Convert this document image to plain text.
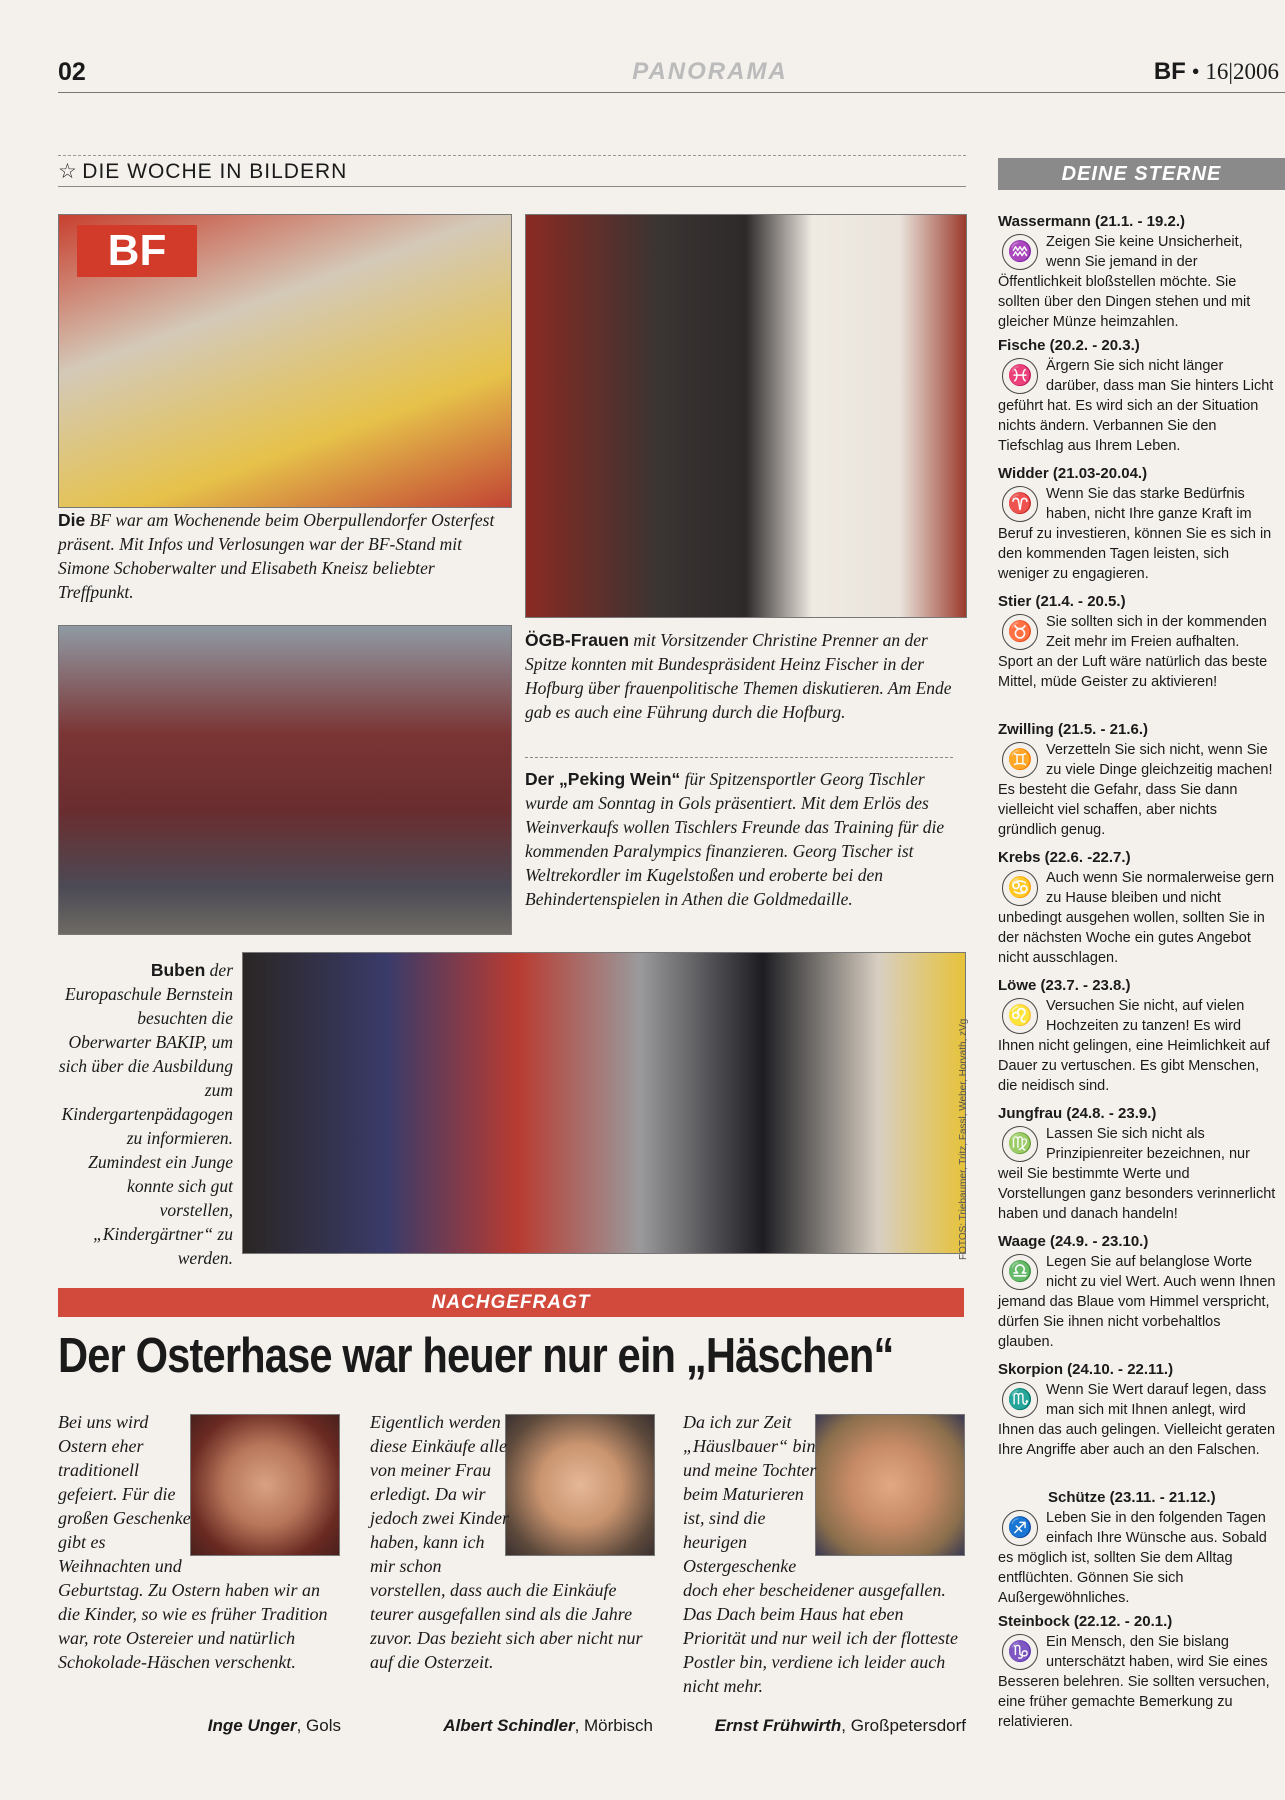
02	PANORAMA	BF • 16|2006
☆ DIE WOCHE IN BILDERN
BF
Die BF war am Wochenende beim Oberpullendorfer Osterfest präsent. Mit Infos und Verlosungen war der BF-Stand mit Simone Schoberwalter und Elisabeth Kneisz beliebter Treffpunkt.
ÖGB-Frauen mit Vorsitzender Christine Prenner an der Spitze konnten mit Bundespräsident Heinz Fischer in der Hofburg über frauenpolitische Themen diskutieren. Am Ende gab es auch eine Führung durch die Hofburg.
Der „Peking Wein“ für Spitzensportler Georg Tischler wurde am Sonntag in Gols präsentiert. Mit dem Erlös des Weinverkaufs wollen Tischlers Freunde das Training für die kommenden Paralympics finanzieren. Georg Tischer ist Weltrekordler im Kugelstoßen und eroberte bei den Behindertenspielen in Athen die Goldmedaille.
Buben der Europaschule Bernstein besuchten die Oberwarter BAKIP, um sich über die Ausbildung zum Kindergartenpädagogen zu informieren. Zumindest ein Junge konnte sich gut vorstellen, „Kindergärtner“ zu werden.	FOTOS: Triebaumer, Tritz, Fassl, Weber, Horvath, zVg
NACHGEFRAGT
Der Osterhase war heuer nur ein „Häschen“
Bei uns wird Ostern eher traditionell gefeiert. Für die großen Geschenke gibt es Weihnachten und Geburtstag. Zu Ostern haben wir an die Kinder, so wie es früher Tradition war, rote Ostereier und natürlich Schokolade-Häschen verschenkt.
Inge Unger, Gols
Eigentlich werden diese Einkäufe alle von meiner Frau erledigt. Da wir jedoch zwei Kinder haben, kann ich mir schon vorstellen, dass auch die Einkäufe teurer ausgefallen sind als die Jahre zuvor. Das bezieht sich aber nicht nur auf die Osterzeit.
Albert Schindler, Mörbisch
Da ich zur Zeit „Häuslbauer“ bin und meine Tochter beim Maturieren ist, sind die heurigen Ostergeschenke doch eher bescheidener ausgefallen. Das Dach beim Haus hat eben Priorität und nur weil ich der flotteste Postler bin, verdiene ich leider auch nicht mehr.
Ernst Frühwirth, Großpetersdorf
DEINE STERNE
Wassermann (21.1. - 19.2.)
♒ Zeigen Sie keine Unsicherheit, wenn Sie jemand in der Öffentlichkeit bloßstellen möchte. Sie sollten über den Dingen stehen und mit gleicher Münze heimzahlen.
Fische (20.2. - 20.3.)
♓ Ärgern Sie sich nicht länger darüber, dass man Sie hinters Licht geführt hat. Es wird sich an der Situation nichts ändern. Verbannen Sie den Tiefschlag aus Ihrem Leben.
Widder (21.03-20.04.)
♈ Wenn Sie das starke Bedürfnis haben, nicht Ihre ganze Kraft im Beruf zu investieren, können Sie es sich in den kommenden Tagen leisten, sich weniger zu engagieren.
Stier (21.4. - 20.5.)
♉ Sie sollten sich in der kommenden Zeit mehr im Freien aufhalten. Sport an der Luft wäre natürlich das beste Mittel, müde Geister zu aktivieren!
Zwilling (21.5. - 21.6.)
♊ Verzetteln Sie sich nicht, wenn Sie zu viele Dinge gleichzeitig machen! Es besteht die Gefahr, dass Sie dann vielleicht viel schaffen, aber nichts gründlich genug.
Krebs (22.6. -22.7.)
♋ Auch wenn Sie normalerweise gern zu Hause bleiben und nicht unbedingt ausgehen wollen, sollten Sie in der nächsten Woche ein gutes Angebot nicht ausschlagen.
Löwe (23.7. - 23.8.)
♌ Versuchen Sie nicht, auf vielen Hochzeiten zu tanzen! Es wird Ihnen nicht gelingen, eine Heimlichkeit auf Dauer zu vertuschen. Es gibt Menschen, die neidisch sind.
Jungfrau (24.8. - 23.9.)
♍ Lassen Sie sich nicht als Prinzipienreiter bezeichnen, nur weil Sie bestimmte Werte und Vorstellungen ganz besonders verinnerlicht haben und danach handeln!
Waage (24.9. - 23.10.)
♎ Legen Sie auf belanglose Worte nicht zu viel Wert. Auch wenn Ihnen jemand das Blaue vom Himmel verspricht, dürfen Sie ihnen nicht vorbehaltlos glauben.
Skorpion (24.10. - 22.11.)
♏ Wenn Sie Wert darauf legen, dass man sich mit Ihnen anlegt, wird Ihnen das auch gelingen. Vielleicht geraten Ihre Angriffe aber auch an den Falschen.
Schütze (23.11. - 21.12.)
♐ Leben Sie in den folgenden Tagen einfach Ihre Wünsche aus. Sobald es möglich ist, sollten Sie dem Alltag entflüchten. Gönnen Sie sich Außergewöhnliches.
Steinbock (22.12. - 20.1.)
♑ Ein Mensch, den Sie bislang unterschätzt haben, wird Sie eines Besseren belehren. Sie sollten versuchen, eine früher gemachte Bemerkung zu relativieren.
